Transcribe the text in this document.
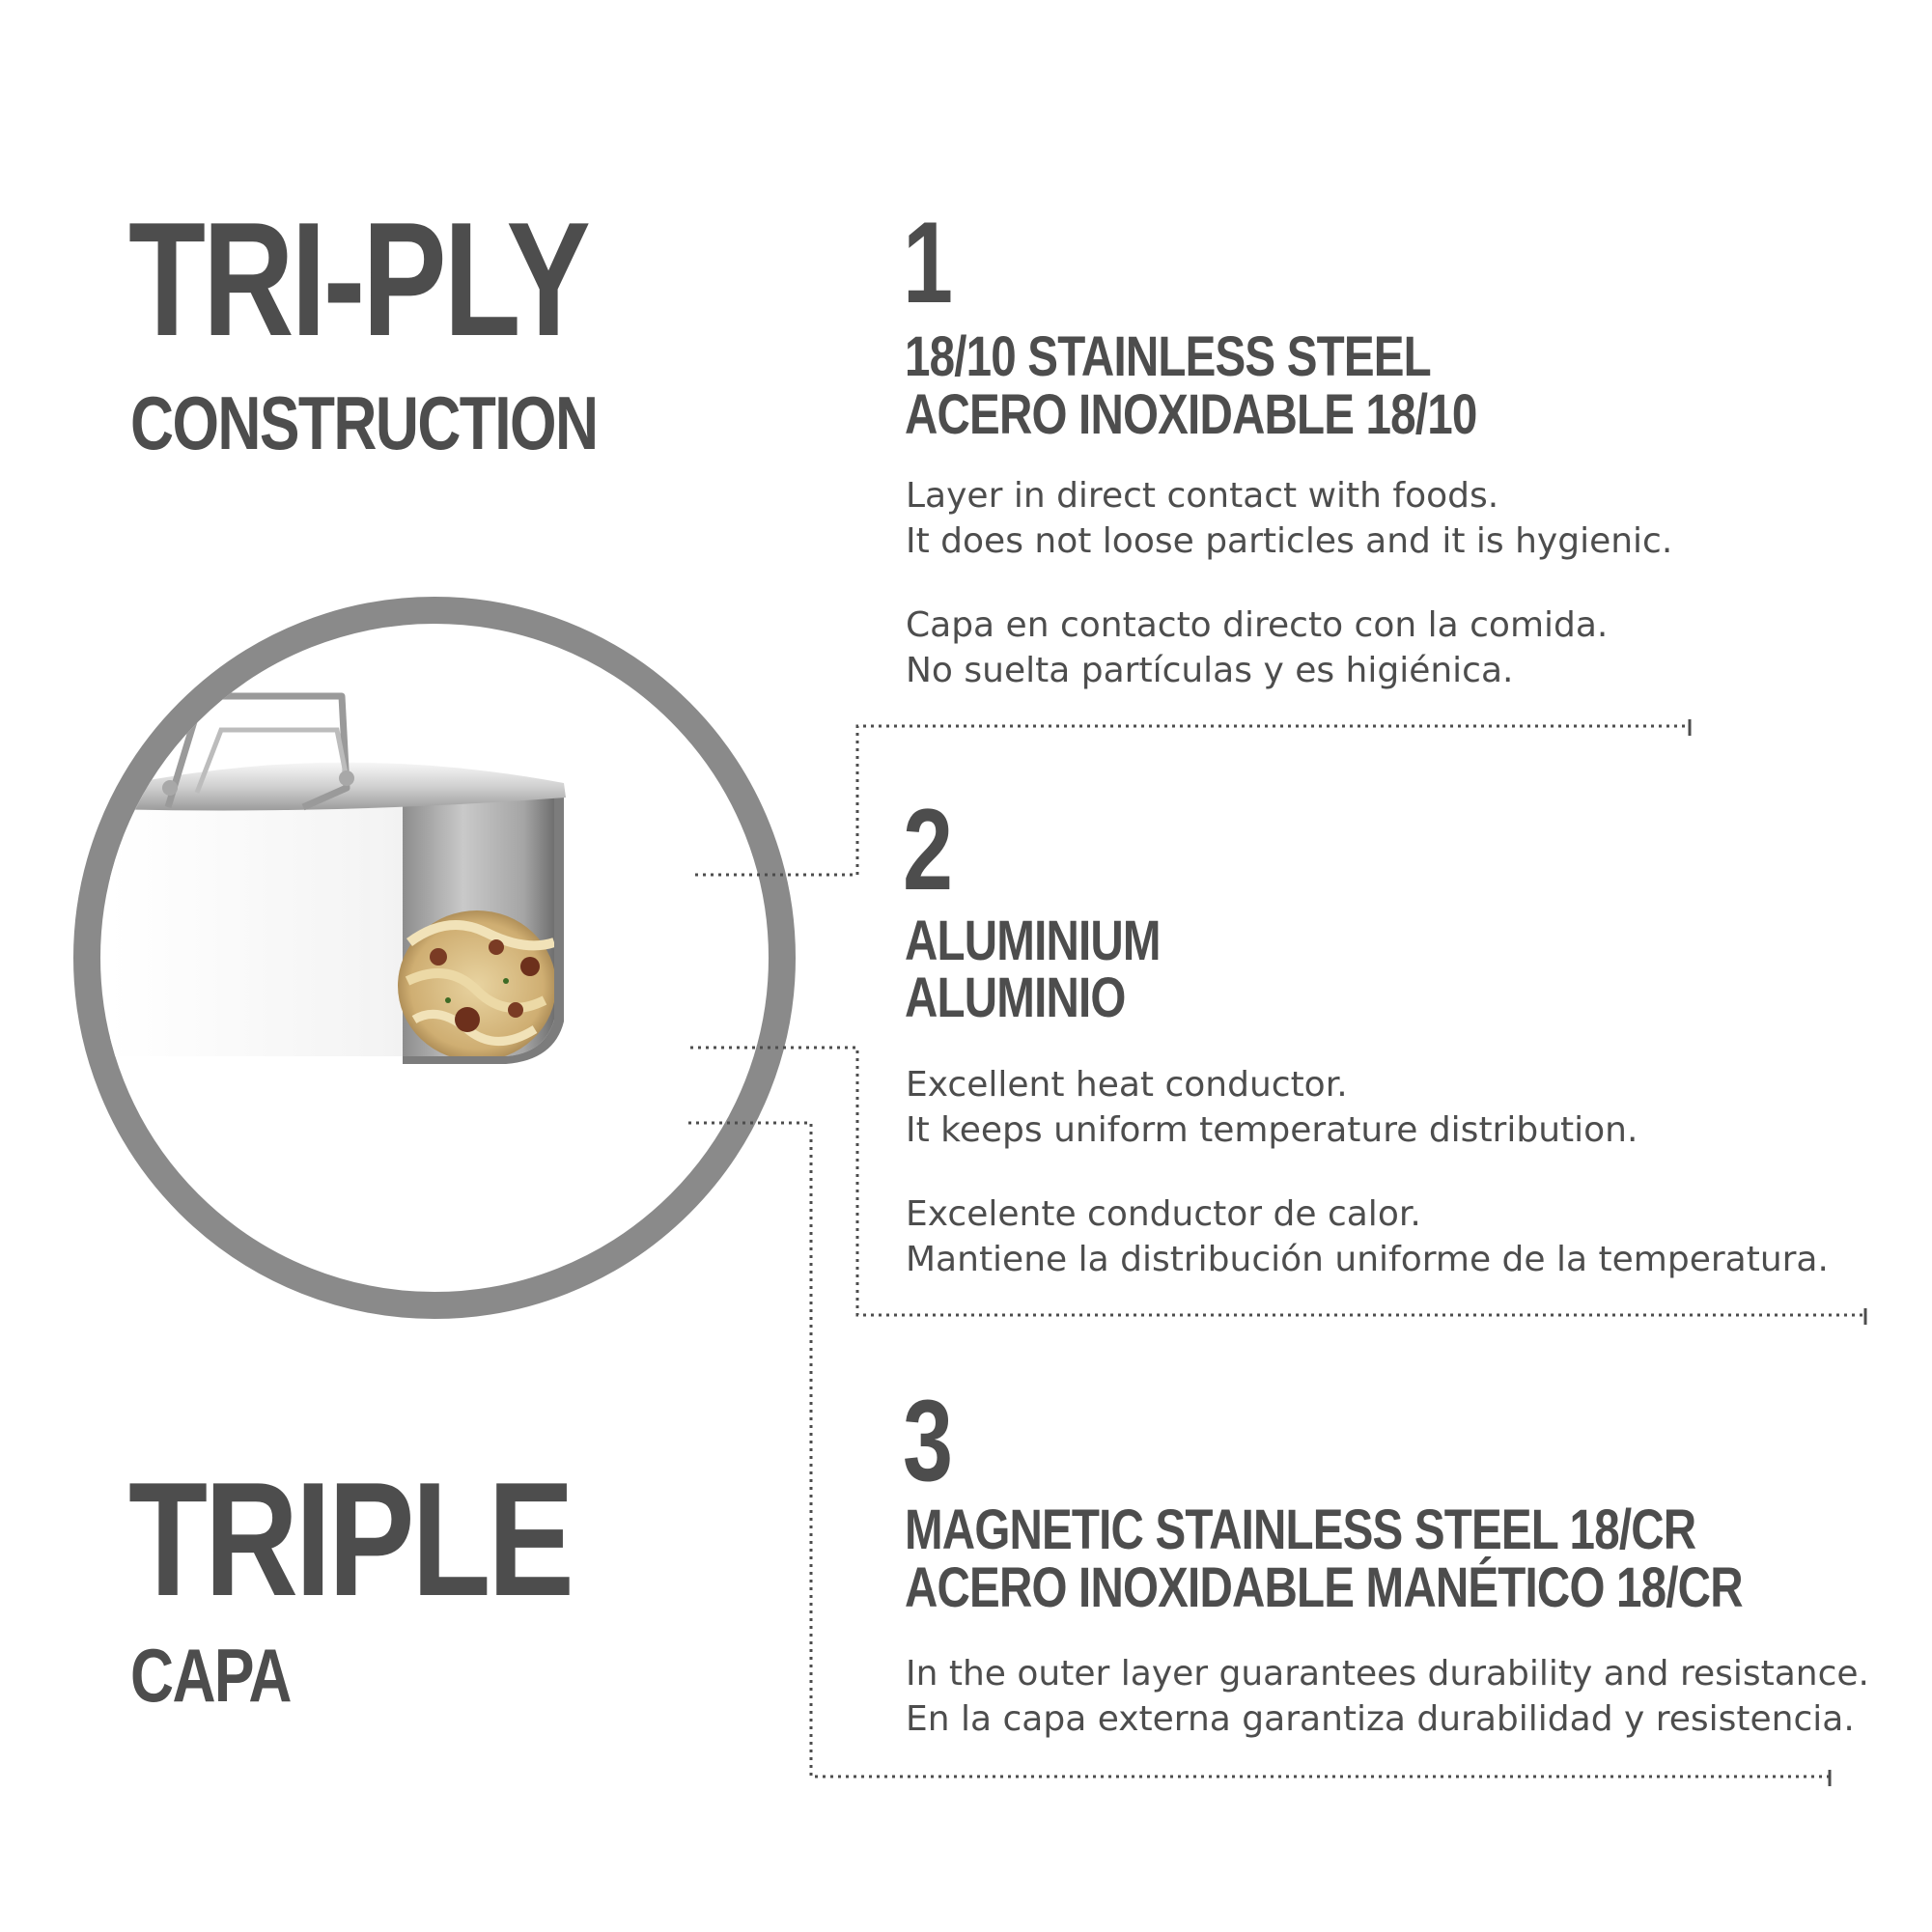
TRI-PLY
CONSTRUCTION
TRIPLE
CAPA
1
18/10 STAINLESS STEEL
ACERO INOXIDABLE 18/10
Layer in direct contact with foods.
It does not loose particles and it is hygienic.
Capa en contacto directo con la comida.
No suelta partículas y es higiénica.
2
ALUMINIUM
ALUMINIO
Excellent heat conductor.
It keeps uniform temperature distribution.
Excelente conductor de calor.
Mantiene la distribución uniforme de la temperatura.
3
MAGNETIC STAINLESS STEEL 18/CR
ACERO INOXIDABLE MANÉTICO 18/CR
In the outer layer guarantees durability and resistance.
En la capa externa garantiza durabilidad y resistencia.
